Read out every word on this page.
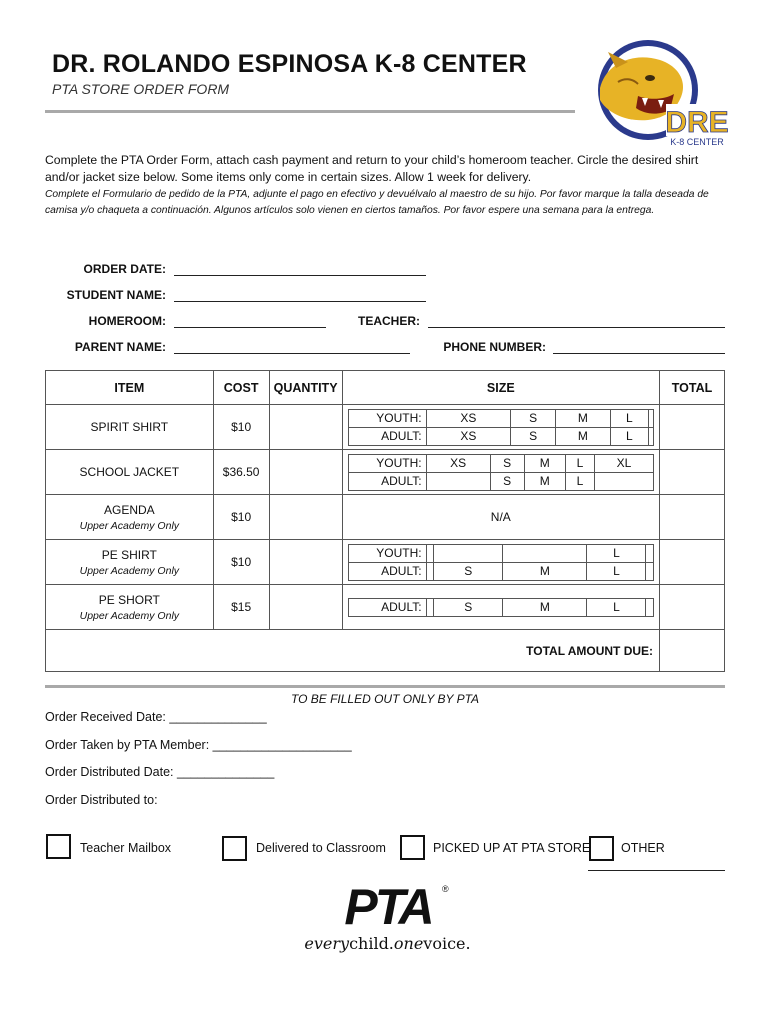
DR. ROLANDO ESPINOSA K-8 CENTER
PTA STORE ORDER FORM
DRE
K-8 CENTER
Complete the PTA Order Form, attach cash payment and return to your child’s homeroom teacher. Circle the desired shirt and/or jacket size below. Some items only come in certain sizes. Allow 1 week for delivery.
Complete el Formulario de pedido de la PTA, adjunte el pago en efectivo y devuélvalo al maestro de su hijo. Por favor marque la talla deseada de camisa y/o chaqueta a continuación. Algunos artículos solo vienen en ciertos tamaños. Por favor espere una semana para la entrega.
ORDER DATE:
STUDENT NAME:
HOMEROOM:	TEACHER:
PARENT NAME:	PHONE NUMBER:
ITEM	COST	QUANTITY	SIZE	TOTAL
SPIRIT SHIRT	$10		
YOUTH:	XS	S	M	L	
ADULT:	XS	S	M	L	

SCHOOL JACKET	$36.50		
YOUTH:	XS	S	M	L	XL
ADULT:		S	M	L	

AGENDA
Upper Academy Only
	$10		N/A	
PE SHIRT
Upper Academy Only
	$10		
YOUTH:				L	
ADULT:		S	M	L	

PE SHORT
Upper Academy Only
	$15			ADULT:		S	M	L	

TOTAL AMOUNT DUE:	
TO BE FILLED OUT ONLY BY PTA
Order Received Date: ______________
Order Taken by PTA Member: ____________________
Order Distributed Date: ______________
Order Distributed to:
Teacher Mailbox	Delivered to Classroom	PICKED UP AT PTA STORE OTHER
PTA ®
everychild.onevoice.
